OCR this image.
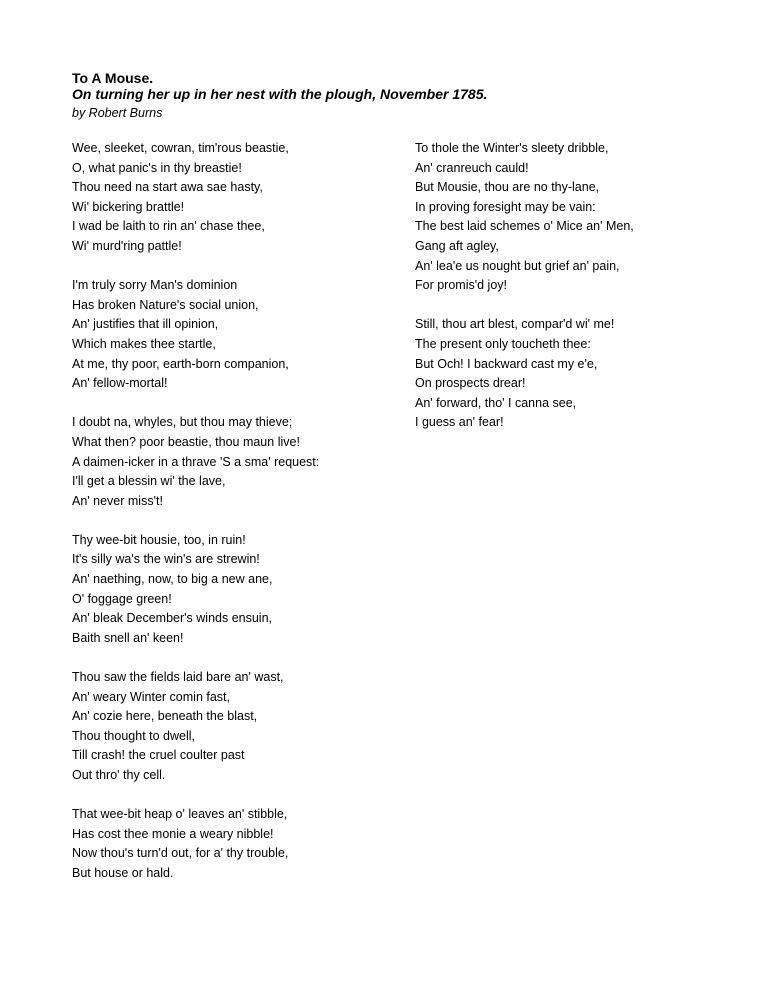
To A Mouse.
On turning her up in her nest with the plough, November 1785.

by Robert Burns

Wee, sleeket, cowran, tim'rous beastie,
O, what panic's in thy breastie!
Thou need na start awa sae hasty,
Wi' bickering brattle!
I wad be laith to rin an' chase thee,
Wi' murd'ring pattle!
I'm truly sorry Man's dominion
Has broken Nature's social union,
An' justifies that ill opinion,
Which makes thee startle,
At me, thy poor, earth-born companion,
An' fellow-mortal!
I doubt na, whyles, but thou may thieve;
What then? poor beastie, thou maun live!
A daimen-icker in a thrave 'S a sma' request:
I'll get a blessin wi' the lave,
An' never miss't!
Thy wee-bit housie, too, in ruin!
It's silly wa's the win's are strewin!
An' naething, now, to big a new ane,
O' foggage green!
An' bleak December's winds ensuin,
Baith snell an' keen!
Thou saw the fields laid bare an' wast,
An' weary Winter comin fast,
An' cozie here, beneath the blast,
Thou thought to dwell,
Till crash! the cruel coulter past
Out thro' thy cell.
That wee-bit heap o' leaves an' stibble,
Has cost thee monie a weary nibble!
Now thou's turn'd out, for a' thy trouble,
But house or hald.
To thole the Winter's sleety dribble,
An' cranreuch cauld!
But Mousie, thou are no thy-lane,
In proving foresight may be vain:
The best laid schemes o' Mice an' Men,
Gang aft agley,
An' lea'e us nought but grief an' pain,
For promis'd joy!
Still, thou art blest, compar'd wi' me!
The present only toucheth thee:
But Och! I backward cast my e'e,
On prospects drear!
An' forward, tho' I canna see,
I guess an' fear!
